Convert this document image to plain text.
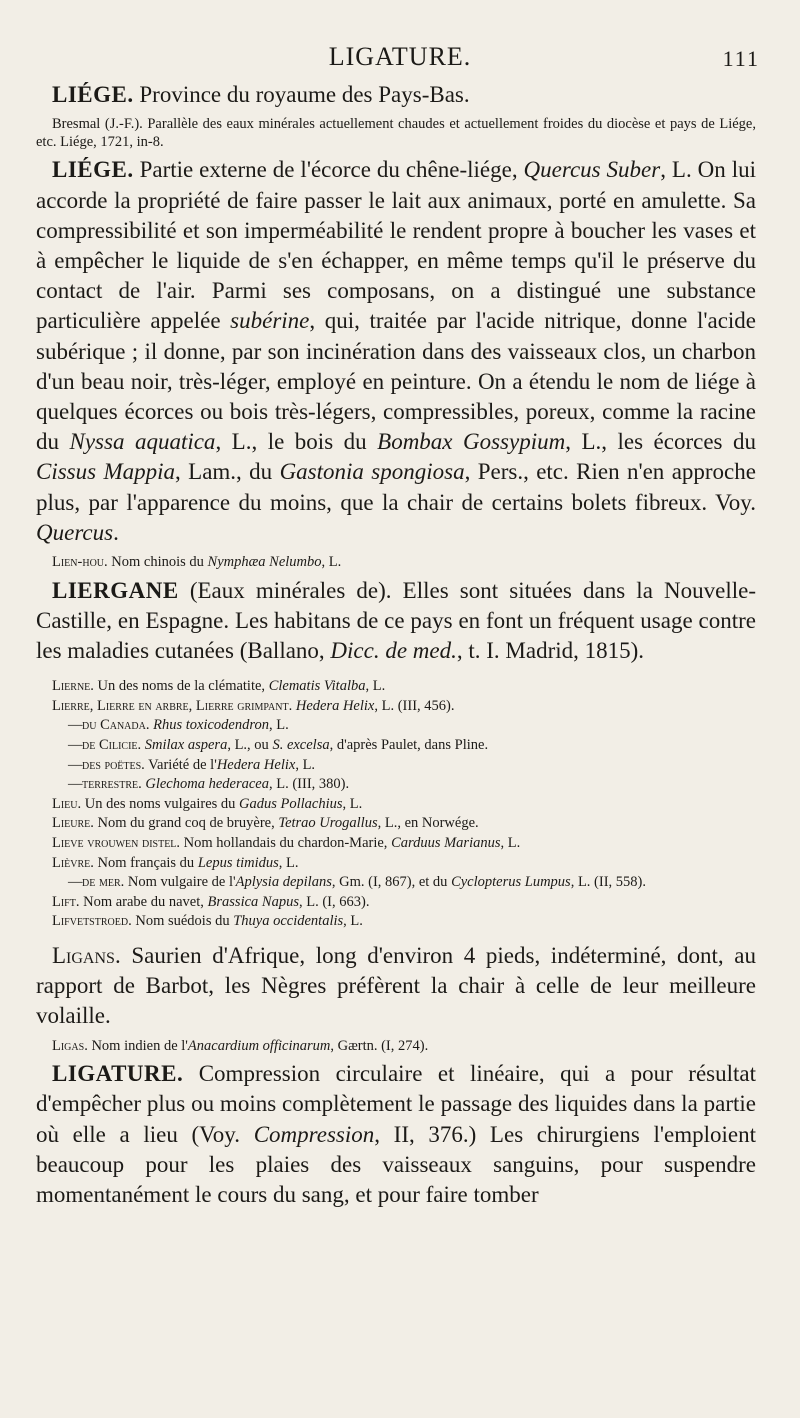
LIGATURE.	111

LIÉGE. Province du royaume des Pays-Bas.

Bresmal (J.-F.). Parallèle des eaux minérales actuellement chaudes et actuellement froides du diocèse et pays de Liége, etc. Liége, 1721, in-8.

LIÉGE. Partie externe de l'écorce du chêne-liége, Quercus Suber, L. On lui accorde la propriété de faire passer le lait aux animaux, porté en amulette. Sa compressibilité et son imperméabilité le rendent propre à boucher les vases et à empêcher le liquide de s'en échapper, en même temps qu'il le préserve du contact de l'air. Parmi ses composans, on a distingué une substance particulière appelée subérine, qui, traitée par l'acide nitrique, donne l'acide subérique ; il donne, par son incinération dans des vaisseaux clos, un charbon d'un beau noir, très-léger, employé en peinture. On a étendu le nom de liége à quelques écorces ou bois très-légers, compressibles, poreux, comme la racine du Nyssa aquatica, L., le bois du Bombax Gossypium, L., les écorces du Cissus Mappia, Lam., du Gastonia spongiosa, Pers., etc. Rien n'en approche plus, par l'apparence du moins, que la chair de certains bolets fibreux. Voy. Quercus.

Lien-hou. Nom chinois du Nymphæa Nelumbo, L.

LIERGANE (Eaux minérales de). Elles sont situées dans la Nouvelle-Castille, en Espagne. Les habitans de ce pays en font un fréquent usage contre les maladies cutanées (Ballano, Dicc. de med., t. I. Madrid, 1815).

Lierne. Un des noms de la clématite, Clematis Vitalba, L.

Lierre, Lierre en arbre, Lierre grimpant. Hedera Helix, L. (III, 456).

—du Canada. Rhus toxicodendron, L.

—de Cilicie. Smilax aspera, L., ou S. excelsa, d'après Paulet, dans Pline.

—des poëtes. Variété de l'Hedera Helix, L.

—terrestre. Glechoma hederacea, L. (III, 380).

Lieu. Un des noms vulgaires du Gadus Pollachius, L.

Lieure. Nom du grand coq de bruyère, Tetrao Urogallus, L., en Norwége.

Lieve vrouwen distel. Nom hollandais du chardon-Marie, Carduus Marianus, L.

Lièvre. Nom français du Lepus timidus, L.

—de mer. Nom vulgaire de l'Aplysia depilans, Gm. (I, 867), et du Cyclopterus Lumpus, L. (II, 558).

Lift. Nom arabe du navet, Brassica Napus, L. (I, 663).

Lifvetstroed. Nom suédois du Thuya occidentalis, L.

Ligans. Saurien d'Afrique, long d'environ 4 pieds, indéterminé, dont, au rapport de Barbot, les Nègres préfèrent la chair à celle de leur meilleure volaille.

Ligas. Nom indien de l'Anacardium officinarum, Gærtn. (I, 274).

LIGATURE. Compression circulaire et linéaire, qui a pour résultat d'empêcher plus ou moins complètement le passage des liquides dans la partie où elle a lieu (Voy. Compression, II, 376.) Les chirurgiens l'emploient beaucoup pour les plaies des vaisseaux sanguins, pour suspendre momentanément le cours du sang, et pour faire tomber
